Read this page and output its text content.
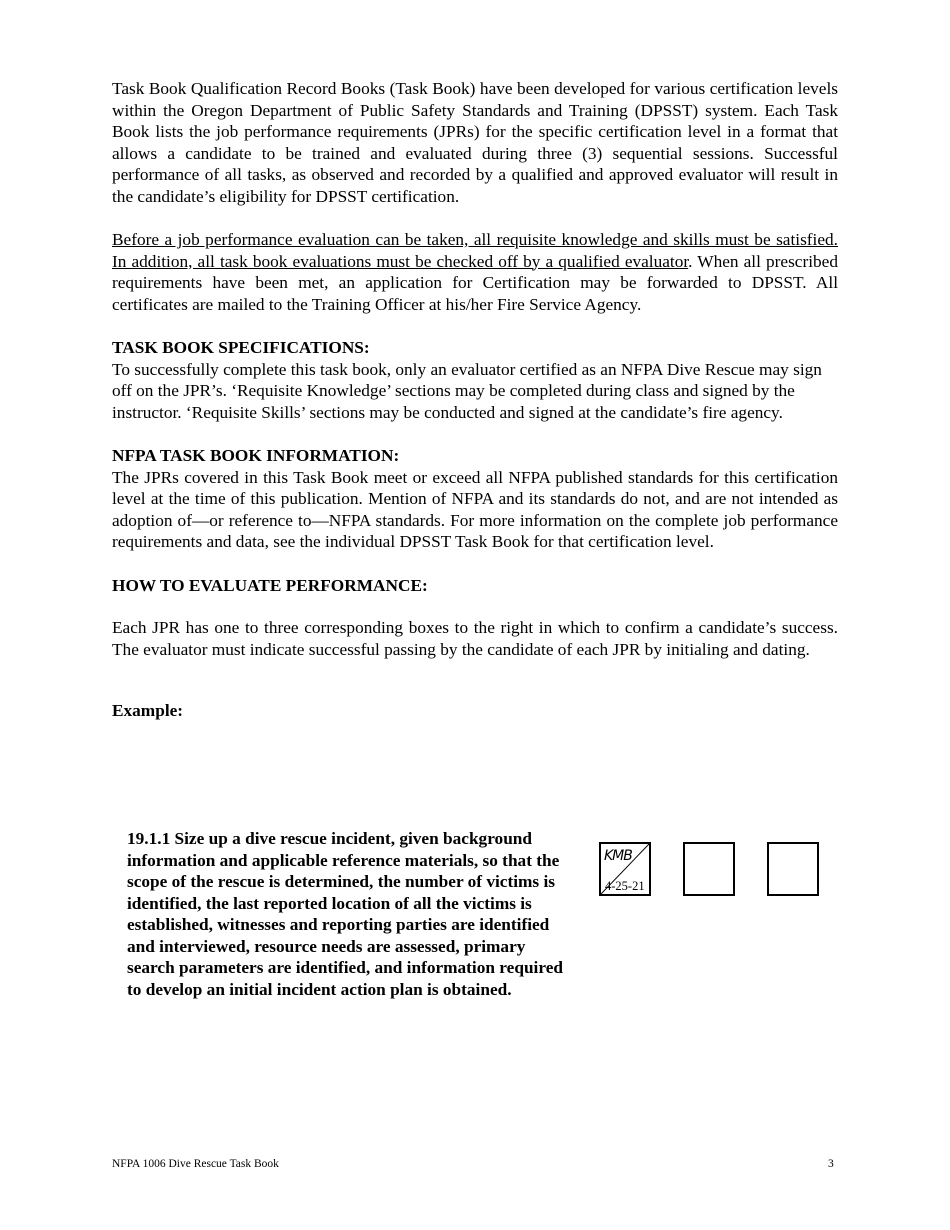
Task Book Qualification Record Books (Task Book) have been developed for various certification levels within the Oregon Department of Public Safety Standards and Training (DPSST) system. Each Task Book lists the job performance requirements (JPRs) for the specific certification level in a format that allows a candidate to be trained and evaluated during three (3) sequential sessions. Successful performance of all tasks, as observed and recorded by a qualified and approved evaluator will result in the candidate’s eligibility for DPSST certification.

Before a job performance evaluation can be taken, all requisite knowledge and skills must be satisfied. In addition, all task book evaluations must be checked off by a qualified evaluator. When all prescribed requirements have been met, an application for Certification may be forwarded to DPSST. All certificates are mailed to the Training Officer at his/her Fire Service Agency.

TASK BOOK SPECIFICATIONS:

To successfully complete this task book, only an evaluator certified as an NFPA Dive Rescue may sign off on the JPR’s. ‘Requisite Knowledge’ sections may be completed during class and signed by the instructor. ‘Requisite Skills’ sections may be conducted and signed at the candidate’s fire agency.

NFPA TASK BOOK INFORMATION:

The JPRs covered in this Task Book meet or exceed all NFPA published standards for this certification level at the time of this publication. Mention of NFPA and its standards do not, and are not intended as adoption of—or reference to—NFPA standards. For more information on the complete job performance requirements and data, see the individual DPSST Task Book for that certification level.

HOW TO EVALUATE PERFORMANCE:

Each JPR has one to three corresponding boxes to the right in which to confirm a candidate’s success. The evaluator must indicate successful passing by the candidate of each JPR by initialing and dating.

Example:

19.1.1 Size up a dive rescue incident, given background information and applicable reference materials, so that the scope of the rescue is determined, the number of victims is identified, the last reported location of all the victims is established, witnesses and reporting parties are identified and interviewed, resource needs are assessed, primary search parameters are identified, and information required to develop an initial incident action plan is obtained.

KMB
4-25-21
NFPA 1006 Dive Rescue Task Book	3
